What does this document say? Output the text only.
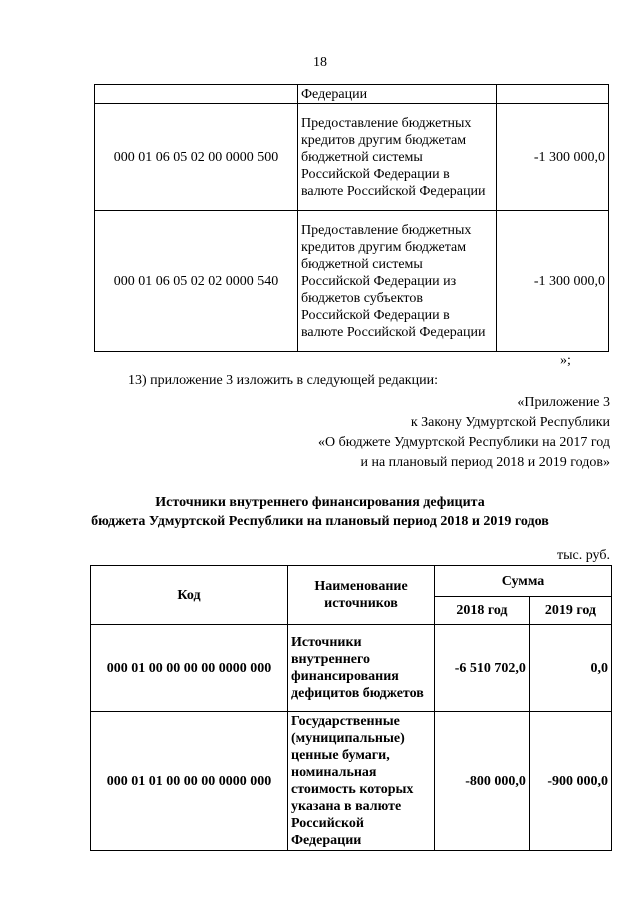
18
	Федерации	
000 01 06 05 02 00 0000 500	Предоставление бюджетных кредитов другим бюджетам бюджетной системы Российской Федерации в валюте Российской Федерации	-1 300 000,0
000 01 06 05 02 02 0000 540	Предоставление бюджетных кредитов другим бюджетам бюджетной системы Российской Федерации из бюджетов субъектов Российской Федерации в валюте Российской Федерации	-1 300 000,0
»;
13) приложение 3 изложить в следующей редакции:
«Приложение 3
к Закону Удмуртской Республики
«О бюджете Удмуртской Республики на 2017 год
и на плановый период 2018 и 2019 годов»
Источники внутреннего финансирования дефицита
бюджета Удмуртской Республики на плановый период 2018 и 2019 годов
тыс. руб.
Код	Наименование источников	Сумма	
		2018 год	2019 год
000 01 00 00 00 00 0000 000	Источники внутреннего финансирования дефицитов бюджетов	-6 510 702,0	0,0
000 01 01 00 00 00 0000 000	Государственные (муниципальные) ценные бумаги, номинальная стоимость которых указана в валюте Российской Федерации	-800 000,0	-900 000,0
